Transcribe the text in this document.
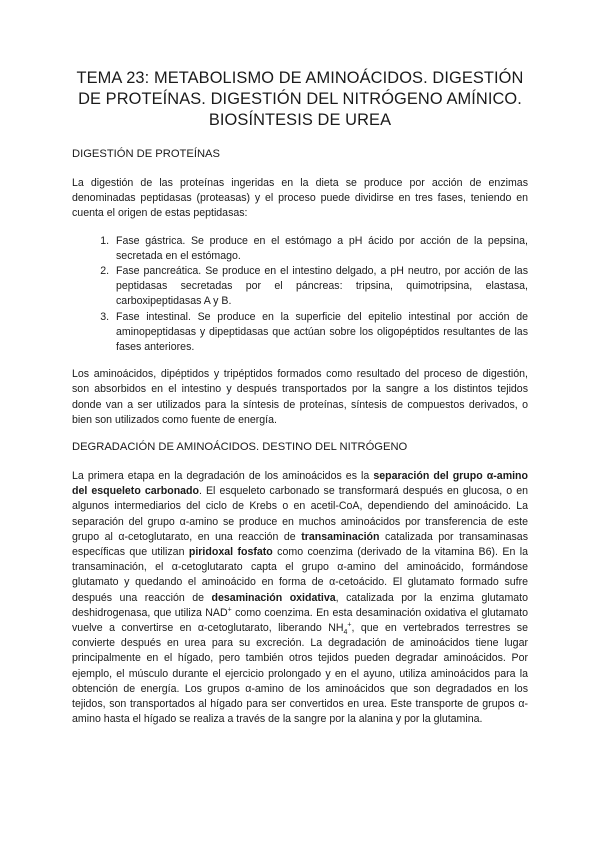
TEMA 23: METABOLISMO DE AMINOÁCIDOS. DIGESTIÓN DE PROTEÍNAS. DIGESTIÓN DEL NITRÓGENO AMÍNICO. BIOSÍNTESIS DE UREA

DIGESTIÓN DE PROTEÍNAS

La digestión de las proteínas ingeridas en la dieta se produce por acción de enzimas denominadas peptidasas (proteasas) y el proceso puede dividirse en tres fases, teniendo en cuenta el origen de estas peptidasas:

1. Fase gástrica. Se produce en el estómago a pH ácido por acción de la pepsina, secretada en el estómago.
2. Fase pancreática. Se produce en el intestino delgado, a pH neutro, por acción de las peptidasas secretadas por el páncreas: tripsina, quimotripsina, elastasa, carboxipeptidasas A y B.
3. Fase intestinal. Se produce en la superficie del epitelio intestinal por acción de aminopeptidasas y dipeptidasas que actúan sobre los oligopéptidos resultantes de las fases anteriores.

Los aminoácidos, dipéptidos y tripéptidos formados como resultado del proceso de digestión, son absorbidos en el intestino y después transportados por la sangre a los distintos tejidos donde van a ser utilizados para la síntesis de proteínas, síntesis de compuestos derivados, o bien son utilizados como fuente de energía.

DEGRADACIÓN DE AMINOÁCIDOS. DESTINO DEL NITRÓGENO

La primera etapa en la degradación de los aminoácidos es la separación del grupo α-amino del esqueleto carbonado. El esqueleto carbonado se transformará después en glucosa, o en algunos intermediarios del ciclo de Krebs o en acetil-CoA, dependiendo del aminoácido. La separación del grupo α-amino se produce en muchos aminoácidos por transferencia de este grupo al α-cetoglutarato, en una reacción de transaminación catalizada por transaminasas específicas que utilizan piridoxal fosfato como coenzima (derivado de la vitamina B6). En la transaminación, el α-cetoglutarato capta el grupo α-amino del aminoácido, formándose glutamato y quedando el aminoácido en forma de α-cetoácido. El glutamato formado sufre después una reacción de desaminación oxidativa, catalizada por la enzima glutamato deshidrogenasa, que utiliza NAD+ como coenzima. En esta desaminación oxidativa el glutamato vuelve a convertirse en α-cetoglutarato, liberando $NH_4^+$, que en vertebrados terrestres se convierte después en urea para su excreción. La degradación de aminoácidos tiene lugar principalmente en el hígado, pero también otros tejidos pueden degradar aminoácidos. Por ejemplo, el músculo durante el ejercicio prolongado y en el ayuno, utiliza aminoácidos para la obtención de energía. Los grupos α-amino de los aminoácidos que son degradados en los tejidos, son transportados al hígado para ser convertidos en urea. Este transporte de grupos α-amino hasta el hígado se realiza a través de la sangre por la alanina y por la glutamina.
